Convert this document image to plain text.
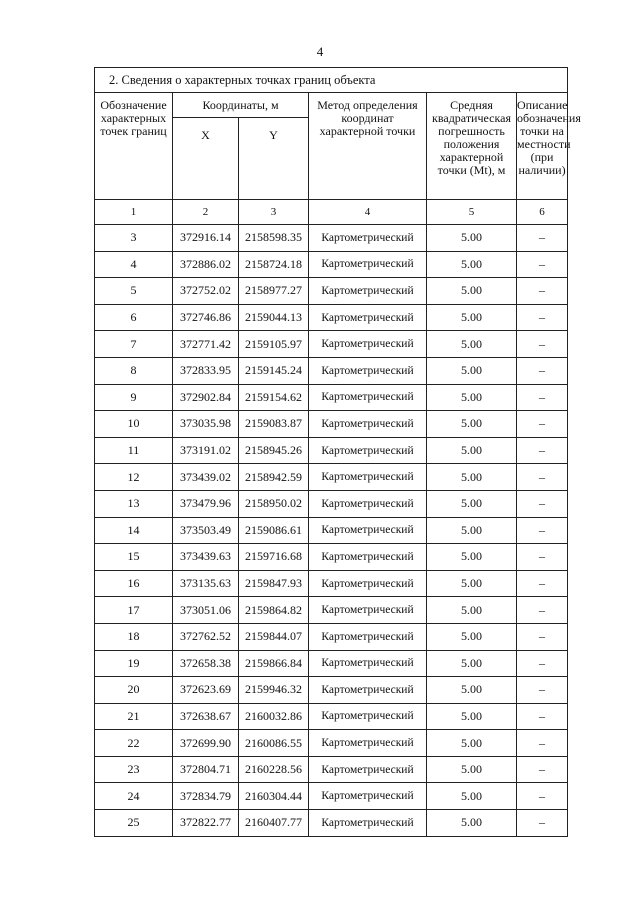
4
2. Сведения о характерных точках границ объекта					
Обозначение характерных точек границ	Координаты, м		Метод определения координат характерной точки	Средняя квадратическая погрешность положения характерной точки (Mt), м	Описание обозначения точки на местности (при наличии)
	X	Y			
1	2	3	4	5	6
3	372916.14	2158598.35	Картометрический	5.00	–
4	372886.02	2158724.18	Картометрический	5.00	–
5	372752.02	2158977.27	Картометрический	5.00	–
6	372746.86	2159044.13	Картометрический	5.00	–
7	372771.42	2159105.97	Картометрический	5.00	–
8	372833.95	2159145.24	Картометрический	5.00	–
9	372902.84	2159154.62	Картометрический	5.00	–
10	373035.98	2159083.87	Картометрический	5.00	–
11	373191.02	2158945.26	Картометрический	5.00	–
12	373439.02	2158942.59	Картометрический	5.00	–
13	373479.96	2158950.02	Картометрический	5.00	–
14	373503.49	2159086.61	Картометрический	5.00	–
15	373439.63	2159716.68	Картометрический	5.00	–
16	373135.63	2159847.93	Картометрический	5.00	–
17	373051.06	2159864.82	Картометрический	5.00	–
18	372762.52	2159844.07	Картометрический	5.00	–
19	372658.38	2159866.84	Картометрический	5.00	–
20	372623.69	2159946.32	Картометрический	5.00	–
21	372638.67	2160032.86	Картометрический	5.00	–
22	372699.90	2160086.55	Картометрический	5.00	–
23	372804.71	2160228.56	Картометрический	5.00	–
24	372834.79	2160304.44	Картометрический	5.00	–
25	372822.77	2160407.77	Картометрический	5.00	–
